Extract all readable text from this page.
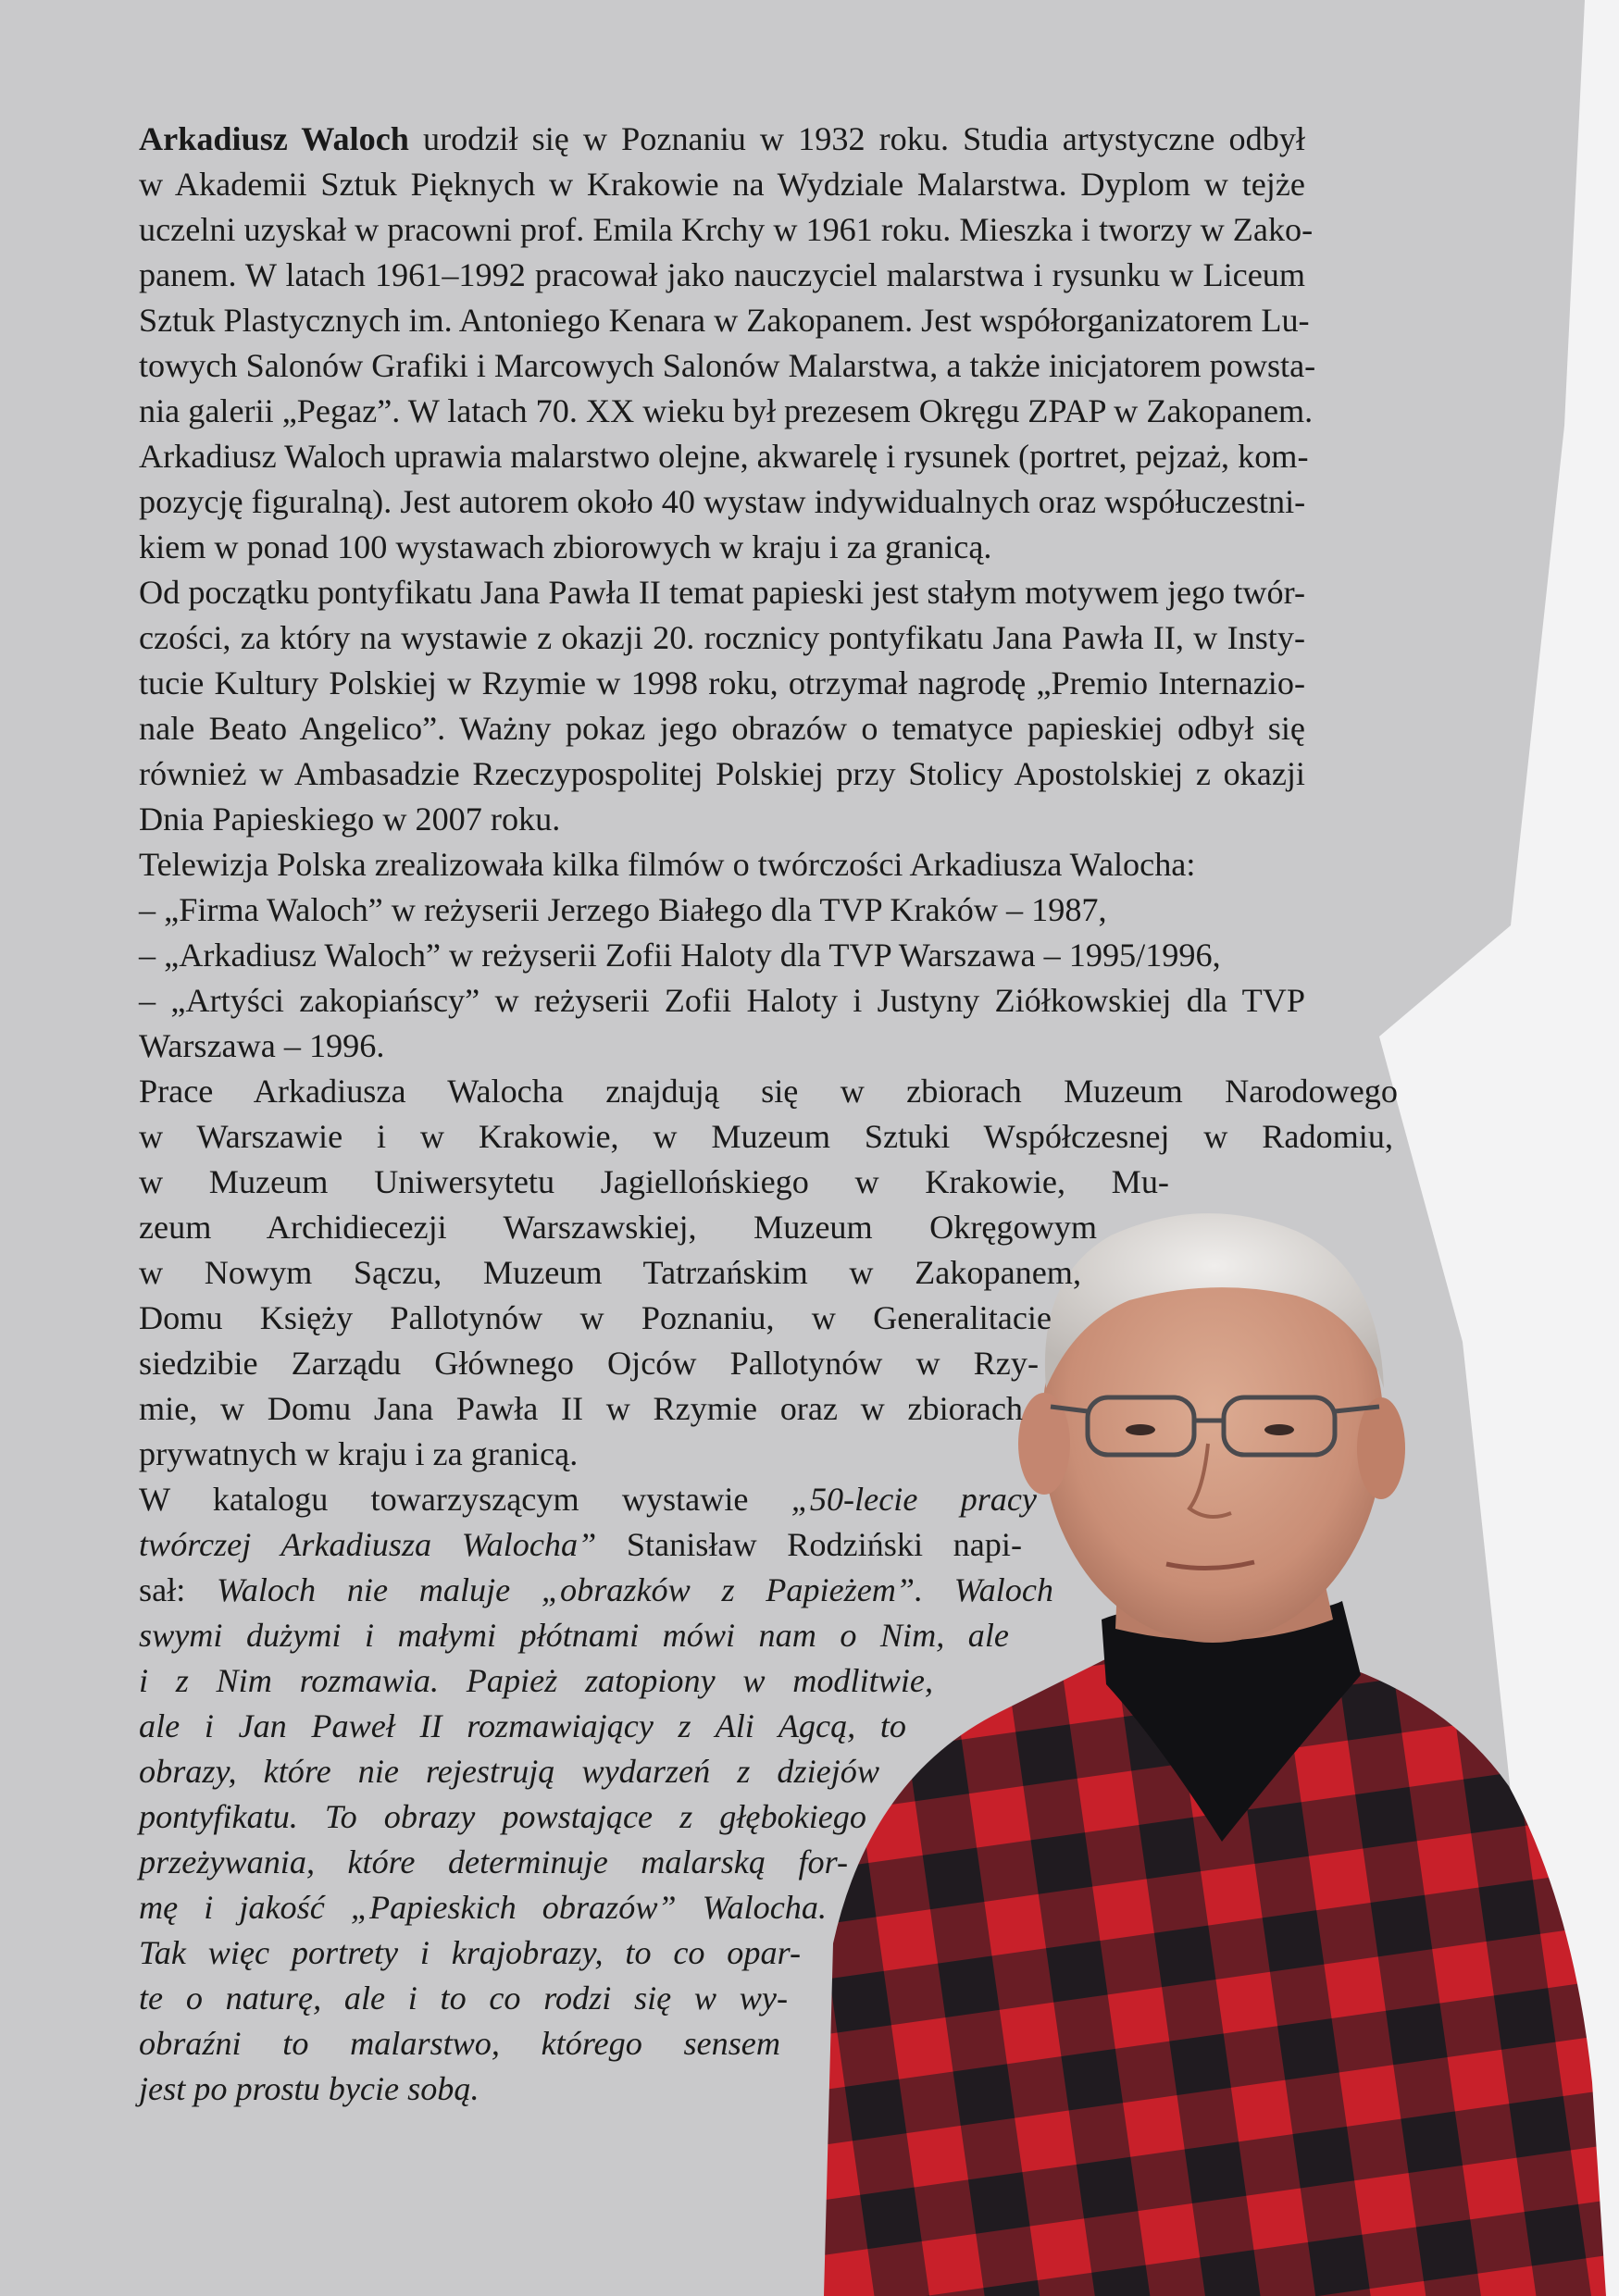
Arkadiusz Waloch urodził się w Poznaniu w 1932 roku. Studia artystyczne odbył
w Akademii Sztuk Pięknych w Krakowie na Wydziale Malarstwa. Dyplom w tejże
uczelni uzyskał w pracowni prof. Emila Krchy w 1961 roku. Mieszka i tworzy w Zako-
panem. W latach 1961–1992 pracował jako nauczyciel malarstwa i rysunku w Liceum
Sztuk Plastycznych im. Antoniego Kenara w Zakopanem. Jest współorganizatorem Lu-
towych Salonów Grafiki i Marcowych Salonów Malarstwa, a także inicjatorem powsta-
nia galerii „Pegaz”. W latach 70. XX wieku był prezesem Okręgu ZPAP w Zakopanem.
Arkadiusz Waloch uprawia malarstwo olejne, akwarelę i rysunek (portret, pejzaż, kom-
pozycję figuralną). Jest autorem około 40 wystaw indywidualnych oraz współuczestni-
kiem w ponad 100 wystawach zbiorowych w kraju i za granicą.
Od początku pontyfikatu Jana Pawła II temat papieski jest stałym motywem jego twór-
czości, za który na wystawie z okazji 20. rocznicy pontyfikatu Jana Pawła II, w Insty-
tucie Kultury Polskiej w Rzymie w 1998 roku, otrzymał nagrodę „Premio Internazio-
nale Beato Angelico”. Ważny pokaz jego obrazów o tematyce papieskiej odbył się
również w Ambasadzie Rzeczypospolitej Polskiej przy Stolicy Apostolskiej z okazji
Dnia Papieskiego w 2007 roku.
Telewizja Polska zrealizowała kilka filmów o twórczości Arkadiusza Walocha:
– „Firma Waloch” w reżyserii Jerzego Białego dla TVP Kraków – 1987,
– „Arkadiusz Waloch” w reżyserii Zofii Haloty dla TVP Warszawa – 1995/1996,
– „Artyści zakopiańscy” w reżyserii Zofii Haloty i Justyny Ziółkowskiej dla TVP
Warszawa – 1996.
Prace Arkadiusza Walocha znajdują się w zbiorach Muzeum Narodowego
w Warszawie i w Krakowie, w Muzeum Sztuki Współczesnej w Radomiu,
w Muzeum Uniwersytetu Jagiellońskiego w Krakowie, Mu-
zeum Archidiecezji Warszawskiej, Muzeum Okręgowym
w Nowym Sączu, Muzeum Tatrzańskim w Zakopanem,
Domu Księży Pallotynów w Poznaniu, w Generalitacie
siedzibie Zarządu Głównego Ojców Pallotynów w Rzy-
mie, w Domu Jana Pawła II w Rzymie oraz w zbiorach
prywatnych w kraju i za granicą.
W katalogu towarzyszącym wystawie „50-lecie pracy
twórczej Arkadiusza Walocha” Stanisław Rodziński napi-
sał: Waloch nie maluje „obrazków z Papieżem”. Waloch
swymi dużymi i małymi płótnami mówi nam o Nim, ale
i z Nim rozmawia. Papież zatopiony w modlitwie,
ale i Jan Paweł II rozmawiający z Ali Agcą, to
obrazy, które nie rejestrują wydarzeń z dziejów
pontyfikatu. To obrazy powstające z głębokiego
przeżywania, które determinuje malarską for-
mę i jakość „Papieskich obrazów” Walocha.
Tak więc portrety i krajobrazy, to co opar-
te o naturę, ale i to co rodzi się w wy-
obraźni to malarstwo, którego sensem
jest po prostu bycie sobą.
